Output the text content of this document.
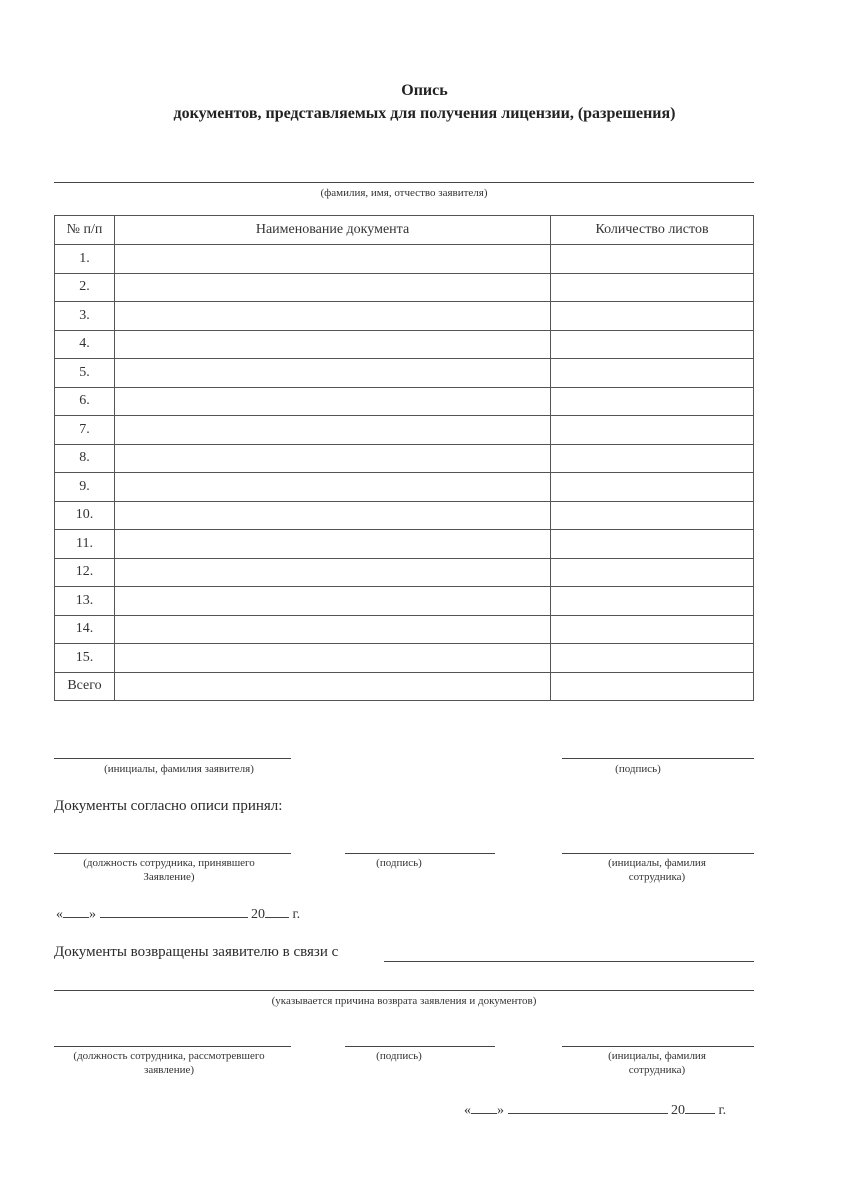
Опись
документов, представляемых для получения лицензии, (разрешения)
(фамилия, имя, отчество заявителя)
№ п/п	Наименование документа	Количество листов
1.		
2.		
3.		
4.		
5.		
6.		
7.		
8.		
9.		
10.		
11.		
12.		
13.		
14.		
15.		
Всего		
(инициалы, фамилия заявителя)	(подпись)
Документы согласно описи принял:
(должность сотрудника, принявшего
Заявление)
(подпись)	(инициалы, фамилия
сотрудника)
« »	20 г.
Документы возвращены заявителю в связи с
(указывается причина возврата заявления и документов)
(должность сотрудника, рассмотревшего
заявление)
(подпись)	(инициалы, фамилия
сотрудника)
« »	20 г.
